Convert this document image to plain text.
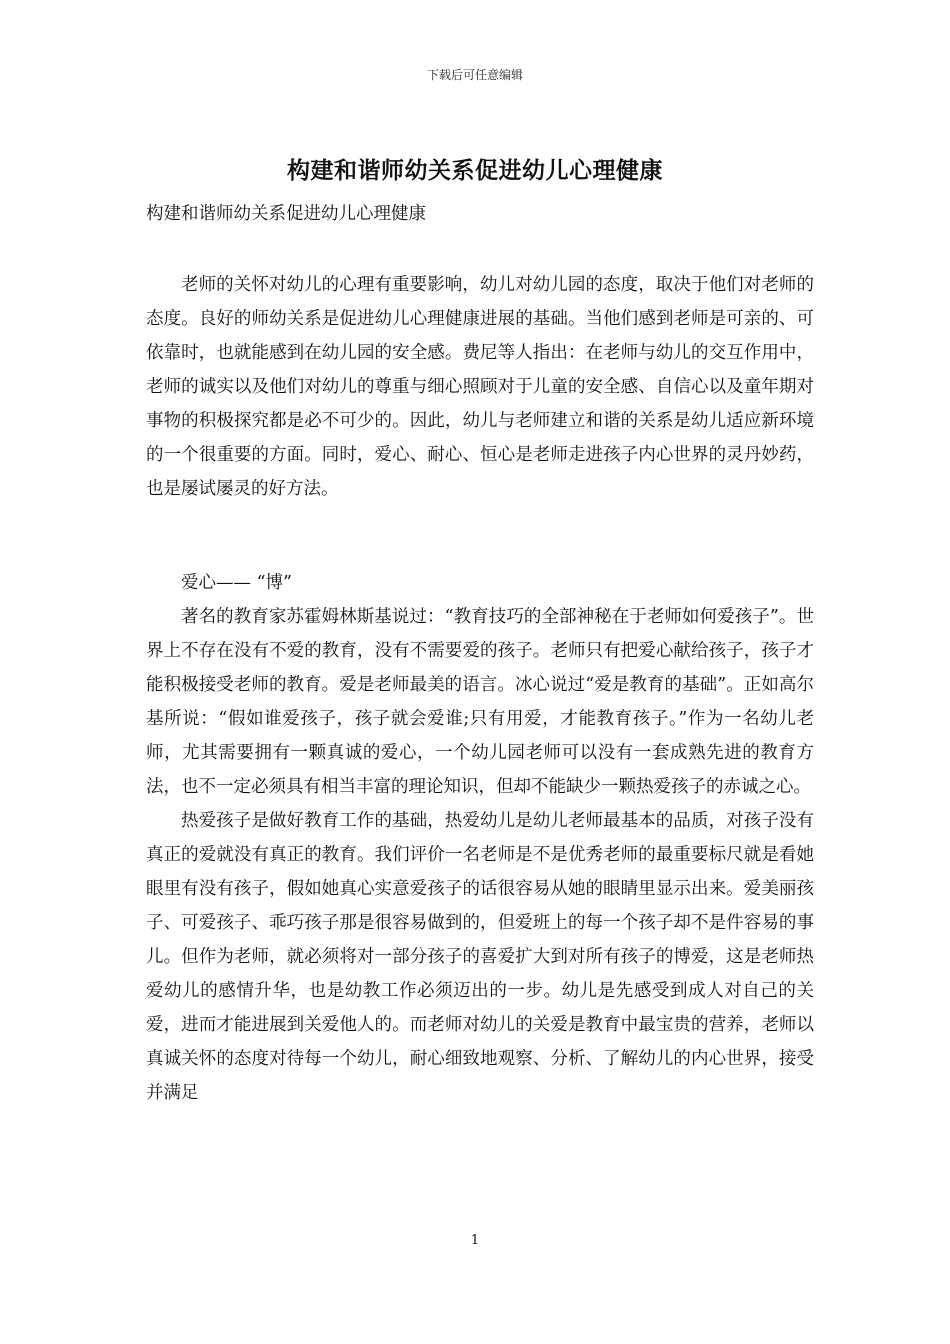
下载后可任意编辑
构建和谐师幼关系促进幼儿心理健康
构建和谐师幼关系促进幼儿心理健康

老师的关怀对幼儿的心理有重要影响，幼儿对幼儿园的态度，取决于他们对老师的态度。良好的师幼关系是促进幼儿心理健康进展的基础。当他们感到老师是可亲的、可依靠时，也就能感到在幼儿园的安全感。费尼等人指出：在老师与幼儿的交互作用中，老师的诚实以及他们对幼儿的尊重与细心照顾对于儿童的安全感、自信心以及童年期对事物的积极探究都是必不可少的。因此，幼儿与老师建立和谐的关系是幼儿适应新环境的一个很重要的方面。同时，爱心、耐心、恒心是老师走进孩子内心世界的灵丹妙药，也是屡试屡灵的好方法。

爱心—— “博”

著名的教育家苏霍姆林斯基说过：“教育技巧的全部神秘在于老师如何爱孩子”。世界上不存在没有不爱的教育，没有不需要爱的孩子。老师只有把爱心献给孩子，孩子才能积极接受老师的教育。爱是老师最美的语言。冰心说过“爱是教育的基础”。正如高尔基所说：“假如谁爱孩子，孩子就会爱谁;只有用爱，才能教育孩子。”作为一名幼儿老师，尤其需要拥有一颗真诚的爱心，一个幼儿园老师可以没有一套成熟先进的教育方法，也不一定必须具有相当丰富的理论知识，但却不能缺少一颗热爱孩子的赤诚之心。

热爱孩子是做好教育工作的基础，热爱幼儿是幼儿老师最基本的品质，对孩子没有真正的爱就没有真正的教育。我们评价一名老师是不是优秀老师的最重要标尺就是看她眼里有没有孩子，假如她真心实意爱孩子的话很容易从她的眼睛里显示出来。爱美丽孩子、可爱孩子、乖巧孩子那是很容易做到的，但爱班上的每一个孩子却不是件容易的事儿。但作为老师，就必须将对一部分孩子的喜爱扩大到对所有孩子的博爱，这是老师热爱幼儿的感情升华，也是幼教工作必须迈出的一步。幼儿是先感受到成人对自己的关爱，进而才能进展到关爱他人的。而老师对幼儿的关爱是教育中最宝贵的营养，老师以真诚关怀的态度对待每一个幼儿，耐心细致地观察、分析、了解幼儿的内心世界，接受并满足

1
